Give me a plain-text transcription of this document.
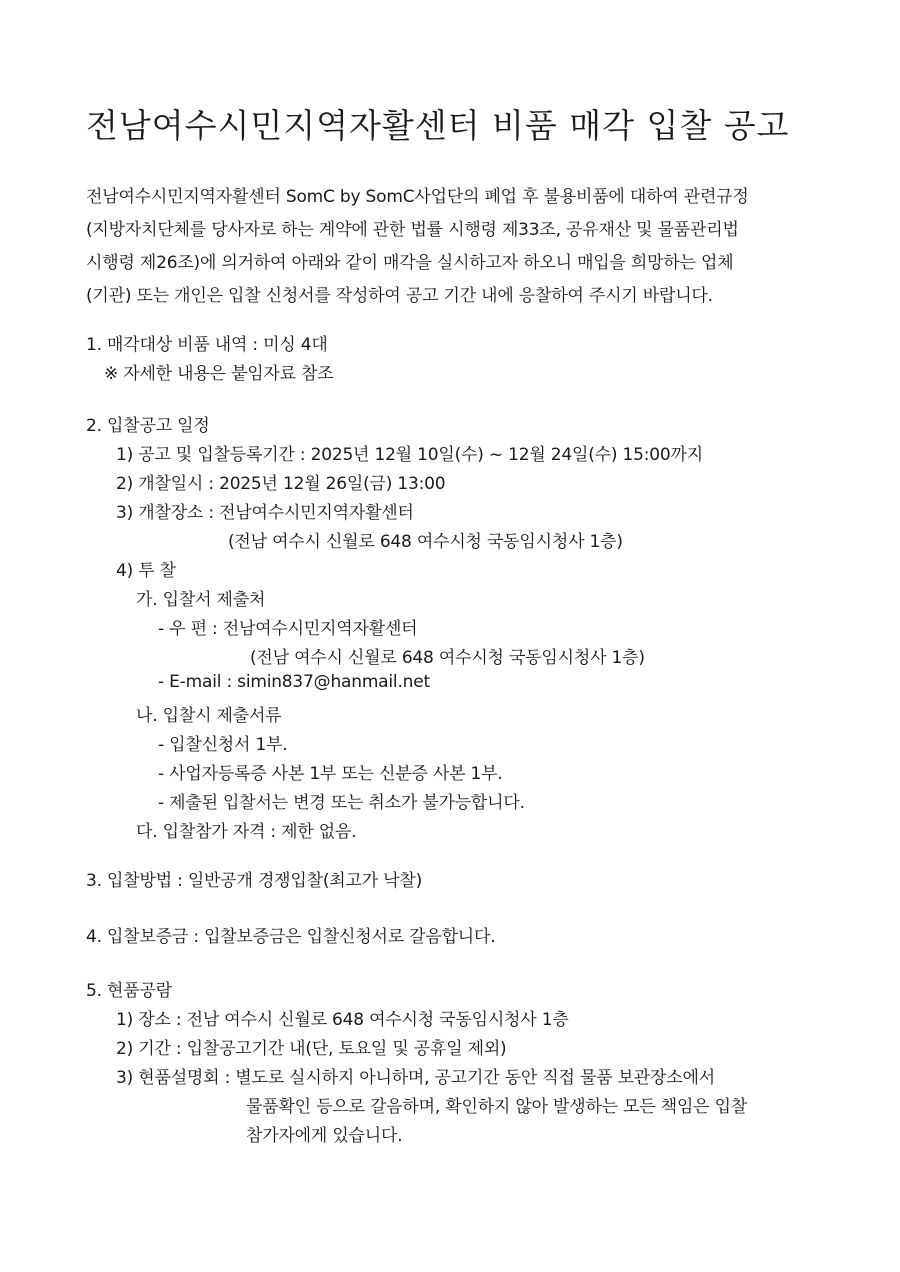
전남여수시민지역자활센터 비품 매각 입찰 공고
전남여수시민지역자활센터 SomC by SomC사업단의 폐업 후 불용비품에 대하여 관련규정
(지방자치단체를 당사자로 하는 계약에 관한 법률 시행령 제33조, 공유재산 및 물품관리법
시행령 제26조)에 의거하여 아래와 같이 매각을 실시하고자 하오니 매입을 희망하는 업체
(기관) 또는 개인은 입찰 신청서를 작성하여 공고 기간 내에 응찰하여 주시기 바랍니다.
1. 매각대상 비품 내역 : 미싱 4대
※ 자세한 내용은 붙임자료 참조
2. 입찰공고 일정
1) 공고 및 입찰등록기간 : 2025년 12월 10일(수) ~ 12월 24일(수) 15:00까지
2) 개찰일시 : 2025년 12월 26일(금) 13:00
3) 개찰장소 : 전남여수시민지역자활센터
(전남 여수시 신월로 648 여수시청 국동임시청사 1층)
4) 투 찰
가. 입찰서 제출처
- 우 편 : 전남여수시민지역자활센터
(전남 여수시 신월로 648 여수시청 국동임시청사 1층)
- E-mail : simin837@hanmail.net
나. 입찰시 제출서류
- 입찰신청서 1부.
- 사업자등록증 사본 1부 또는 신분증 사본 1부.
- 제출된 입찰서는 변경 또는 취소가 불가능합니다.
다. 입찰참가 자격 : 제한 없음.
3. 입찰방법 : 일반공개 경쟁입찰(최고가 낙찰)
4. 입찰보증금 : 입찰보증금은 입찰신청서로 갈음합니다.
5. 현품공람
1) 장소 : 전남 여수시 신월로 648 여수시청 국동임시청사 1층
2) 기간 : 입찰공고기간 내(단, 토요일 및 공휴일 제외)
3) 현품설명회 : 별도로 실시하지 아니하며, 공고기간 동안 직접 물품 보관장소에서
물품확인 등으로 갈음하며, 확인하지 않아 발생하는 모든 책임은 입찰
참가자에게 있습니다.
